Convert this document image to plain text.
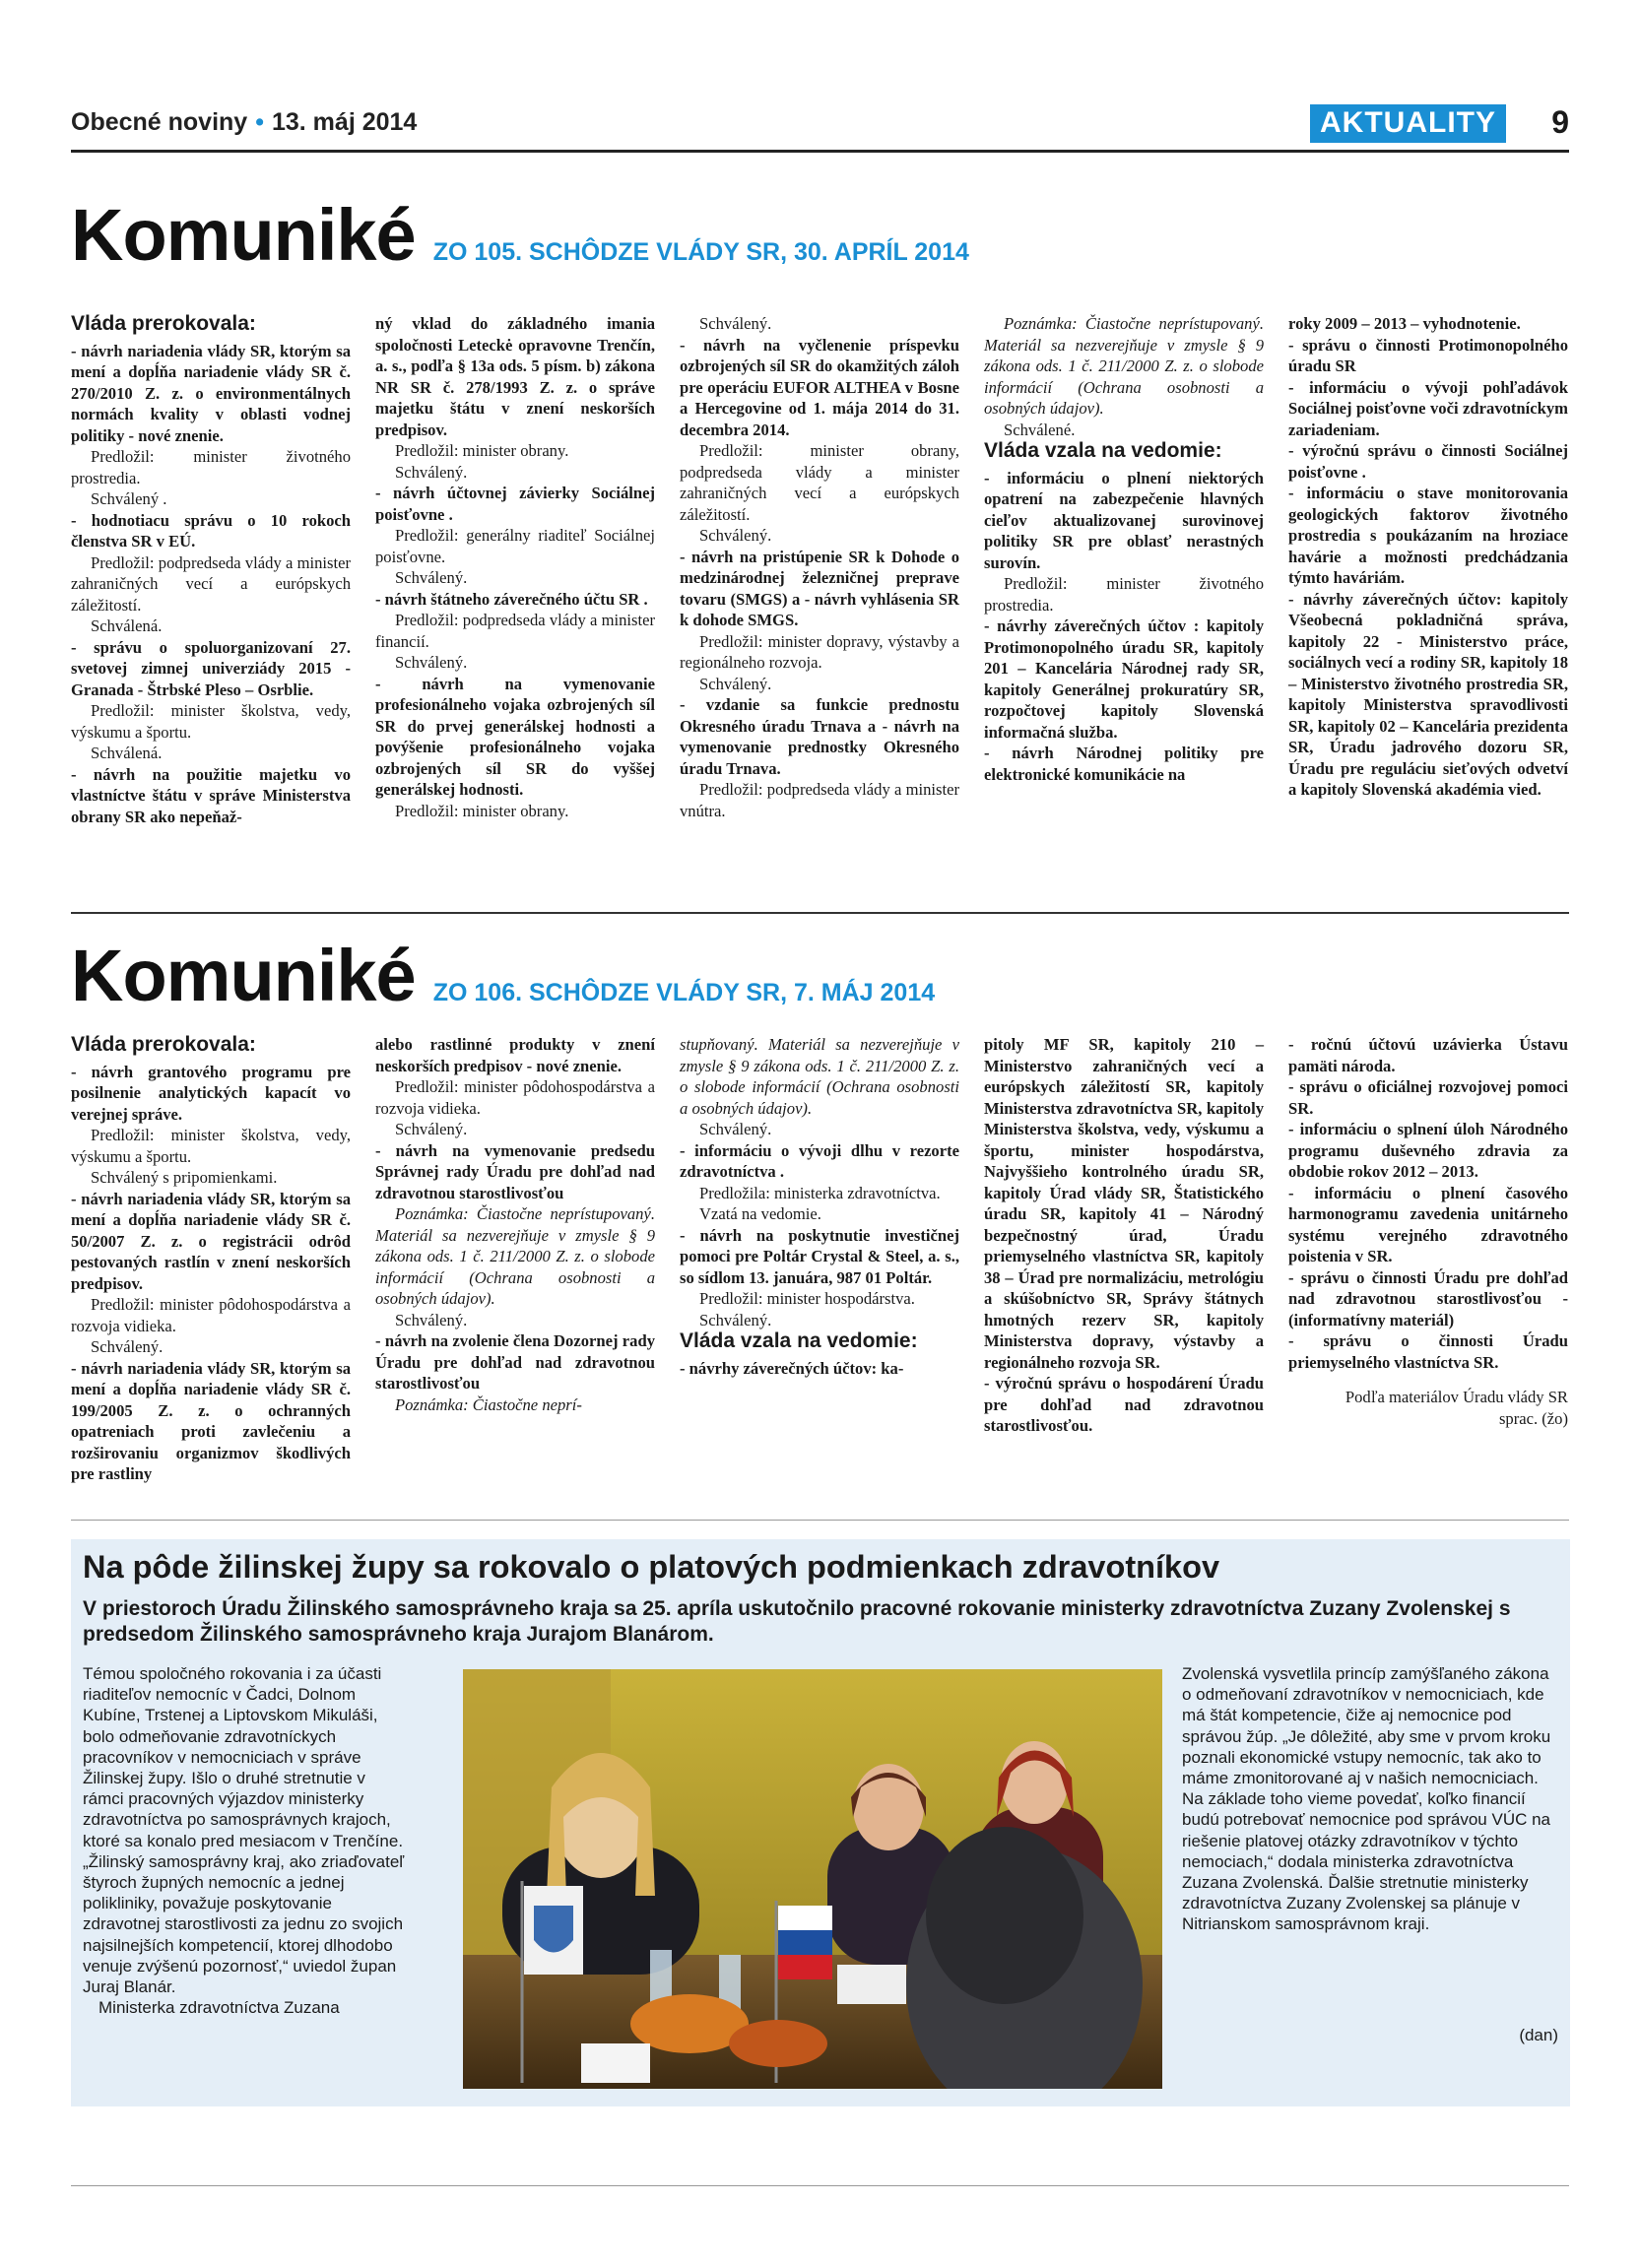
Obecné noviny • 13. máj 2014	AKTUALITY	9
Komuniké ZO 105. SCHÔDZE VLÁDY SR, 30. APRÍL 2014

Vláda prerokovala:

- návrh nariadenia vlády SR, ktorým sa mení a dopĺňa nariadenie vlády SR č. 270/2010 Z. z. o environmentálnych normách kvality v oblasti vodnej politiky - nové znenie.

Predložil: minister životného prostredia.

Schválený .

- hodnotiacu správu o 10 rokoch členstva SR v EÚ.

Predložil: podpredseda vlády a minister zahraničných vecí a európskych záležitostí.

Schválená.

- správu o spoluorganizovaní 27. svetovej zimnej univerziády 2015 - Granada - Štrbské Pleso – Osrblie.

Predložil: minister školstva, vedy, výskumu a športu.

Schválená.

- návrh na použitie majetku vo vlastníctve štátu v správe Ministerstva obrany SR ako nepeňaž-

ný vklad do základného imania spoločnosti Leteckė opravovne Trenčín, a. s., podľa § 13a ods. 5 písm. b) zákona NR SR č. 278/1993 Z. z. o správe majetku štátu v znení neskorších predpisov.

Predložil: minister obrany.

Schválený.

- návrh účtovnej závierky Sociálnej poisťovne .

Predložil: generálny riaditeľ Sociálnej poisťovne.

Schválený.

- návrh štátneho záverečného účtu SR .

Predložil: podpredseda vlády a minister financií.

Schválený.

- návrh na vymenovanie profesionálneho vojaka ozbrojených síl SR do prvej generálskej hodnosti a povýšenie profesionálneho vojaka ozbrojených síl SR do vyššej generálskej hodnosti.

Predložil: minister obrany.

Schválený.

- návrh na vyčlenenie príspevku ozbrojených síl SR do okamžitých záloh pre operáciu EUFOR ALTHEA v Bosne a Hercegovine od 1. mája 2014 do 31. decembra 2014.

Predložil: minister obrany, podpredseda vlády a minister zahraničných vecí a európskych záležitostí.

Schválený.

- návrh na pristúpenie SR k Dohode o medzinárodnej železničnej preprave tovaru (SMGS) a - návrh vyhlásenia SR k dohode SMGS.

Predložil: minister dopravy, výstavby a regionálneho rozvoja.

Schválený.

- vzdanie sa funkcie prednostu Okresného úradu Trnava a - návrh na vymenovanie prednostky Okresného úradu Trnava.

Predložil: podpredseda vlády a minister vnútra.

Poznámka: Čiastočne neprístupovaný. Materiál sa nezverejňuje v zmysle § 9 zákona ods. 1 č. 211/2000 Z. z. o slobode informácií (Ochrana osobnosti a osobných údajov).

Schválené.

Vláda vzala na vedomie:

- informáciu o plnení niektorých opatrení na zabezpečenie hlavných cieľov aktualizovanej surovinovej politiky SR pre oblasť nerastných surovín.

Predložil: minister životného prostredia.

- návrhy záverečných účtov : kapitoly Protimonopolného úradu SR, kapitoly 201 – Kancelária Národnej rady SR, kapitoly Generálnej prokuratúry SR, rozpočtovej kapitoly Slovenská informačná služba.

- návrh Národnej politiky pre elektronické komunikácie na

roky 2009 – 2013 – vyhodnotenie.

- správu o činnosti Protimonopolného úradu SR

- informáciu o vývoji pohľadávok Sociálnej poisťovne voči zdravotníckym zariadeniam.

- výročnú správu o činnosti Sociálnej poisťovne .

- informáciu o stave monitorovania geologických faktorov životného prostredia s poukázaním na hroziace havárie a možnosti predchádzania týmto haváriám.

- návrhy záverečných účtov: kapitoly Všeobecná pokladničná správa, kapitoly 22 - Ministerstvo práce, sociálnych vecí a rodiny SR, kapitoly 18 – Ministerstvo životného prostredia SR, kapitoly Ministerstva spravodlivosti SR, kapitoly 02 – Kancelária prezidenta SR, Úradu jadrového dozoru SR, Úradu pre reguláciu sieťových odvetví a kapitoly Slovenská akadémia vied.

Komuniké ZO 106. SCHÔDZE VLÁDY SR, 7. MÁJ 2014

Vláda prerokovala:

- návrh grantového programu pre posilnenie analytických kapacít vo verejnej správe.

Predložil: minister školstva, vedy, výskumu a športu.

Schválený s pripomienkami.

- návrh nariadenia vlády SR, ktorým sa mení a dopĺňa nariadenie vlády SR č. 50/2007 Z. z. o registrácii odrôd pestovaných rastlín v znení neskorších predpisov.

Predložil: minister pôdohospodárstva a rozvoja vidieka.

Schválený.

- návrh nariadenia vlády SR, ktorým sa mení a dopĺňa nariadenie vlády SR č. 199/2005 Z. z. o ochranných opatreniach proti zavlečeniu a rozširovaniu organizmov škodlivých pre rastliny

alebo rastlinné produkty v znení neskorších predpisov - nové znenie.

Predložil: minister pôdohospodárstva a rozvoja vidieka.

Schválený.

- návrh na vymenovanie predsedu Správnej rady Úradu pre dohľad nad zdravotnou starostlivosťou

Poznámka: Čiastočne neprístupovaný. Materiál sa nezverejňuje v zmysle § 9 zákona ods. 1 č. 211/2000 Z. z. o slobode informácií (Ochrana osobnosti a osobných údajov).

Schválený.

- návrh na zvolenie člena Dozornej rady Úradu pre dohľad nad zdravotnou starostlivosťou

Poznámka: Čiastočne neprí-

stupňovaný. Materiál sa nezverejňuje v zmysle § 9 zákona ods. 1 č. 211/2000 Z. z. o slobode informácií (Ochrana osobnosti a osobných údajov).

Schválený.

- informáciu o vývoji dlhu v rezorte zdravotníctva .

Predložila: ministerka zdravotníctva.

Vzatá na vedomie.

- návrh na poskytnutie investičnej pomoci pre Poltár Crystal & Steel, a. s., so sídlom 13. januára, 987 01 Poltár.

Predložil: minister hospodárstva.

Schválený.

Vláda vzala na vedomie:

- návrhy záverečných účtov: ka-

pitoly MF SR, kapitoly 210 – Ministerstvo zahraničných vecí a európskych záležitostí SR, kapitoly Ministerstva zdravotníctva SR, kapitoly Ministerstva školstva, vedy, výskumu a športu, minister hospodárstva, Najvyššieho kontrolného úradu SR, kapitoly Úrad vlády SR, Štatistického úradu SR, kapitoly 41 – Národný bezpečnostný úrad, Úradu priemyselného vlastníctva SR, kapitoly 38 – Úrad pre normalizáciu, metrológiu a skúšobníctvo SR, Správy štátnych hmotných rezerv SR, kapitoly Ministerstva dopravy, výstavby a regionálneho rozvoja SR.

- výročnú správu o hospodárení Úradu pre dohľad nad zdravotnou starostlivosťou.

- ročnú účtovú uzávierka Ústavu pamäti národa.

- správu o oficiálnej rozvojovej pomoci SR.

- informáciu o splnení úloh Národného programu duševného zdravia za obdobie rokov 2012 – 2013.

- informáciu o plnení časového harmonogramu zavedenia unitárneho systému verejného zdravotného poistenia v SR.

- správu o činnosti Úradu pre dohľad nad zdravotnou starostlivosťou - (informatívny materiál)

- správu o činnosti Úradu priemyselného vlastníctva SR.

Podľa materiálov Úradu vlády SR

sprac. (žo)

Na pôde žilinskej župy sa rokovalo o platových podmienkach zdravotníkov
V priestoroch Úradu Žilinského samosprávneho kraja sa 25. apríla uskutočnilo pracovné rokovanie ministerky zdravotníctva Zuzany Zvolenskej s predsedom Žilinského samosprávneho kraja Jurajom Blanárom.
Témou spoločného rokovania i za účasti riaditeľov nemocníc v Čadci, Dolnom Kubíne, Trstenej a Liptovskom Mikuláši, bolo odmeňovanie zdravotníckych pracovníkov v nemocniciach v správe Žilinskej župy. Išlo o druhé stretnutie v rámci pracovných výjazdov ministerky zdravotníctva po samosprávnych krajoch, ktoré sa konalo pred mesiacom v Trenčíne. „Žilinský samosprávny kraj, ako zriaďovateľ štyroch župných nemocníc a jednej polikliniky, považuje poskytovanie zdravotnej starostlivosti za jednu zo svojich najsilnejších kompetencií, ktorej dlhodobo venuje zvýšenú pozornosť,“ uviedol župan Juraj Blanár.
Ministerka zdravotníctva Zuzana
Zvolenská vysvetlila princíp zamýšľaného zákona o odmeňovaní zdravotníkov v nemocniciach, kde má štát kompetencie, čiže aj nemocnice pod správou žúp. „Je dôležité, aby sme v prvom kroku poznali ekonomické vstupy nemocníc, tak ako to máme zmonitorované aj v našich nemocniciach. Na základe toho vieme povedať, koľko financií budú potrebovať nemocnice pod správou VÚC na riešenie platovej otázky zdravotníkov v týchto nemociach,“ dodala ministerka zdravotníctva Zuzana Zvolenská. Ďalšie stretnutie ministerky zdravotníctva Zuzany Zvolenskej sa plánuje v Nitrianskom samosprávnom kraji.
(dan)
